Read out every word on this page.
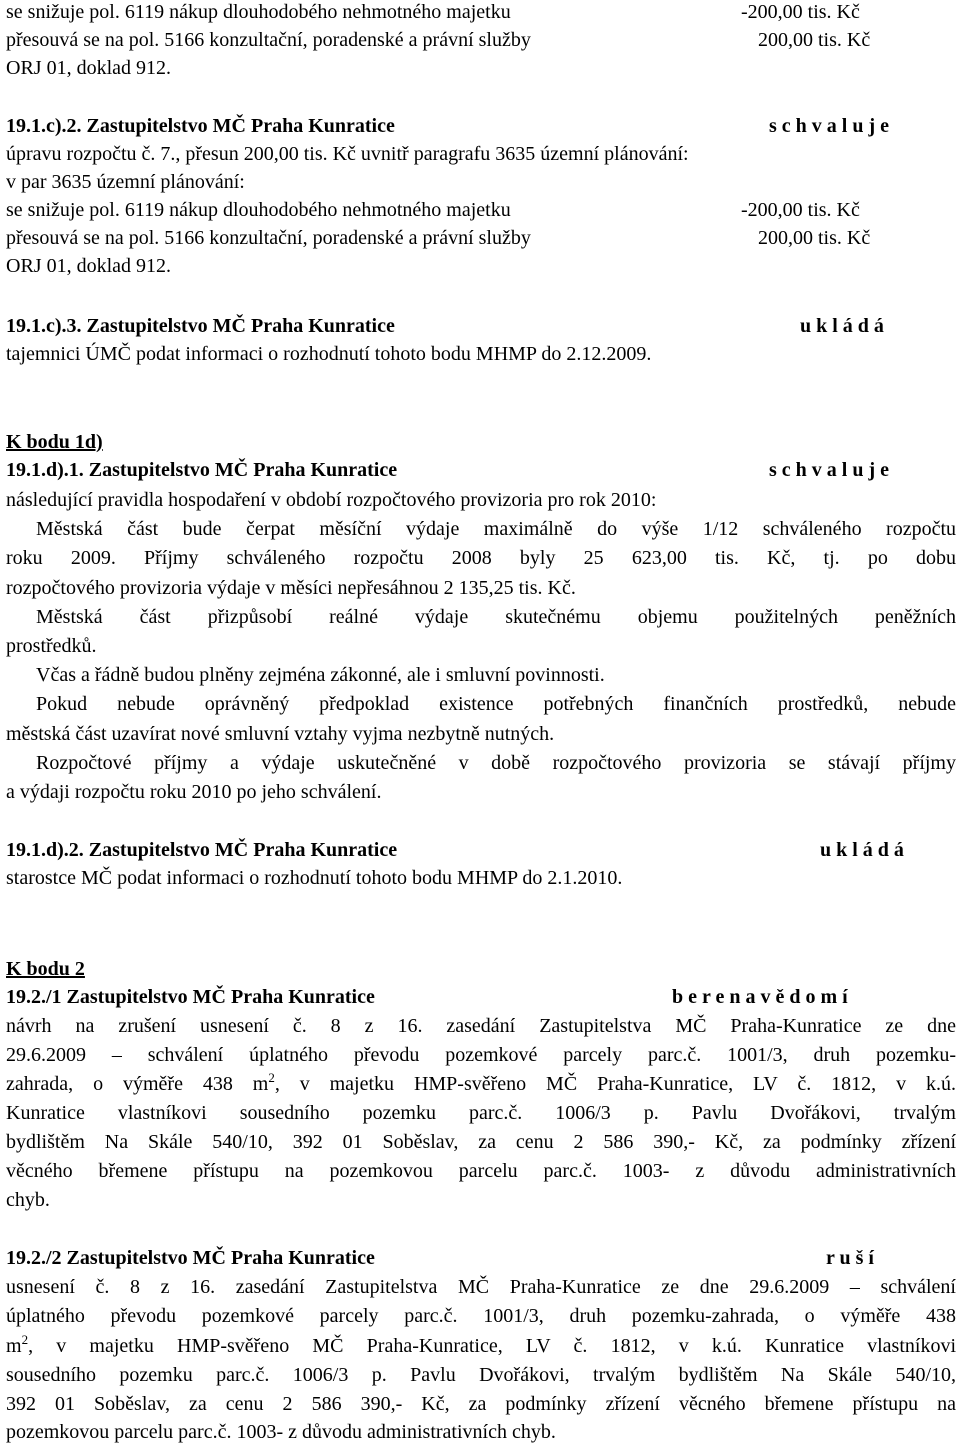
se snižuje pol. 6119 nákup dlouhodobého nehmotného majetku	-200,00 tis. Kč
přesouvá se na pol. 5166 konzultační, poradenské a právní služby	200,00 tis. Kč
ORJ 01, doklad 912.
19.1.c).2. Zastupitelstvo MČ Praha Kunratice	s c h v a l u j e
úpravu rozpočtu č. 7., přesun 200,00 tis. Kč uvnitř paragrafu 3635 územní plánování:
v par 3635 územní plánování:
se snižuje pol. 6119 nákup dlouhodobého nehmotného majetku	-200,00 tis. Kč
přesouvá se na pol. 5166 konzultační, poradenské a právní služby	200,00 tis. Kč
ORJ 01, doklad 912.
19.1.c).3. Zastupitelstvo MČ Praha Kunratice	u k l á d á
tajemnici ÚMČ podat informaci o rozhodnutí tohoto bodu MHMP do 2.12.2009.
K bodu 1d)
19.1.d).1. Zastupitelstvo MČ Praha Kunratice	s c h v a l u j e
následující pravidla hospodaření v období rozpočtového provizoria pro rok 2010:
Městská část bude čerpat měsíční výdaje maximálně do výše 1/12 schváleného rozpočtu
roku 2009. Příjmy schváleného rozpočtu 2008 byly 25 623,00 tis. Kč, tj. po dobu
rozpočtového provizoria výdaje v měsíci nepřesáhnou 2 135,25 tis. Kč.
Městská část přizpůsobí reálné výdaje skutečnému objemu použitelných peněžních
prostředků.
Včas a řádně budou plněny zejména zákonné, ale i smluvní povinnosti.
Pokud nebude oprávněný předpoklad existence potřebných finančních prostředků, nebude
městská část uzavírat nové smluvní vztahy vyjma nezbytně nutných.
Rozpočtové příjmy a výdaje uskutečněné v době rozpočtového provizoria se stávají příjmy
a výdaji rozpočtu roku 2010 po jeho schválení.
19.1.d).2. Zastupitelstvo MČ Praha Kunratice	u k l á d á
starostce MČ podat informaci o rozhodnutí tohoto bodu MHMP do 2.1.2010.
K bodu 2
19.2./1 Zastupitelstvo MČ Praha Kunratice	b e r e n a v ě d o m í
návrh na zrušení usnesení č. 8 z 16. zasedání Zastupitelstva MČ Praha-Kunratice ze dne
29.6.2009 – schválení úplatného převodu pozemkové parcely parc.č. 1001/3, druh pozemku-
zahrada, o výměře 438 $m^2$, v majetku HMP-svěřeno MČ Praha-Kunratice, LV č. 1812, v k.ú.
Kunratice vlastníkovi sousedního pozemku parc.č. 1006/3 p. Pavlu Dvořákovi, trvalým
bydlištěm Na Skále 540/10, 392 01 Soběslav, za cenu 2 586 390,- Kč, za podmínky zřízení
věcného břemene přístupu na pozemkovou parcelu parc.č. 1003- z důvodu administrativních
chyb.
19.2./2 Zastupitelstvo MČ Praha Kunratice	r u š í
usnesení č. 8 z 16. zasedání Zastupitelstva MČ Praha-Kunratice ze dne 29.6.2009 – schválení
úplatného převodu pozemkové parcely parc.č. 1001/3, druh pozemku-zahrada, o výměře 438
$m^2$, v majetku HMP-svěřeno MČ Praha-Kunratice, LV č. 1812, v k.ú. Kunratice vlastníkovi
sousedního pozemku parc.č. 1006/3 p. Pavlu Dvořákovi, trvalým bydlištěm Na Skále 540/10,
392 01 Soběslav, za cenu 2 586 390,- Kč, za podmínky zřízení věcného břemene přístupu na
pozemkovou parcelu parc.č. 1003- z důvodu administrativních chyb.
